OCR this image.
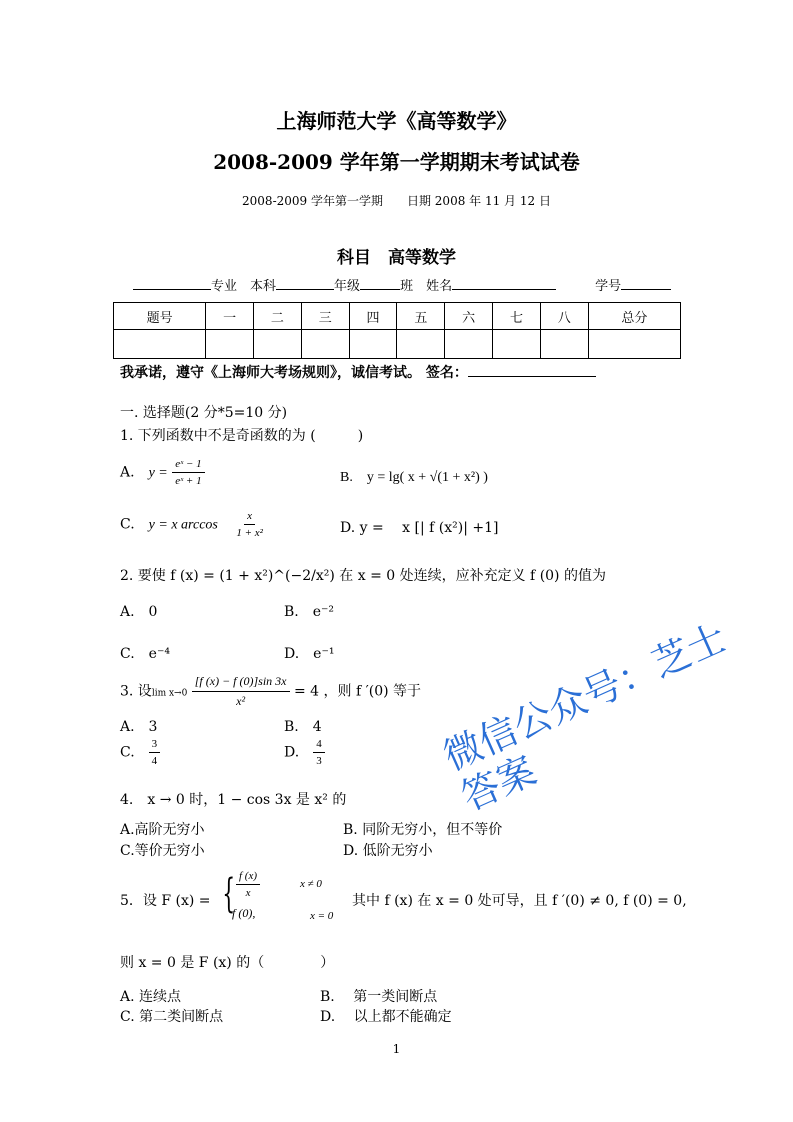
上海师范大学《高等数学》
2008-2009 学年第一学期期末考试试卷
2008-2009 学年第一学期　　日期 2008 年 11 月 12 日
科目　高等数学
专业　 本科	年级	班　 姓名　　　	学号
题号	一	二	三	四	五	六	七	八	总分

我承诺，遵守《上海师大考场规则》，诚信考试。 签名：
一. 选择题(2 分*5=10 分)
1. 下列函数中不是奇函数的为 (　　　)
A.　 $y = \frac{\text{eˣ − 1}}{\text{eˣ + 1}}$	B.　y = lg( x + √(1 + x²) )
C.　 y = x arccos　 $\frac{x}{\text{1 + x²}}$	D. y = 　x [| f (x²)| +1]
2. 要使 f (x) = (1 + x²)^(−2/x²) 在 x = 0 处连续，应补充定义 f (0) 的值为
A.　0	B.　e⁻²
C.　e⁻⁴	D.　e⁻¹
3. 设$\lim x\to 0 \frac{[f (x) - f (0)]\sin 3x}{\text{x²}} = 4$ ，则 f ′(0) 等于
A.　3	B.　4
C.　 $\frac{3}{4}$	D.　 $\frac{4}{3}$
4.　x → 0 时，1 − cos 3x 是 x² 的
A.高阶无穷小	B. 同阶无穷小，但不等价
C.等价无穷小	D. 低阶无穷小
5．设 F (x) = { $\frac{f (x)}{x}$	x ≠ 0
f (0),	x = 0
其中 f (x) 在 x = 0 处可导，且 f ′(0) ≠ 0, f (0) = 0,
则 x = 0 是 F (x) 的（　　　　）
A. 连续点	B.　 第一类间断点
C. 第二类间断点	D.　 以上都不能确定
1
微信公众号：芝士答案
